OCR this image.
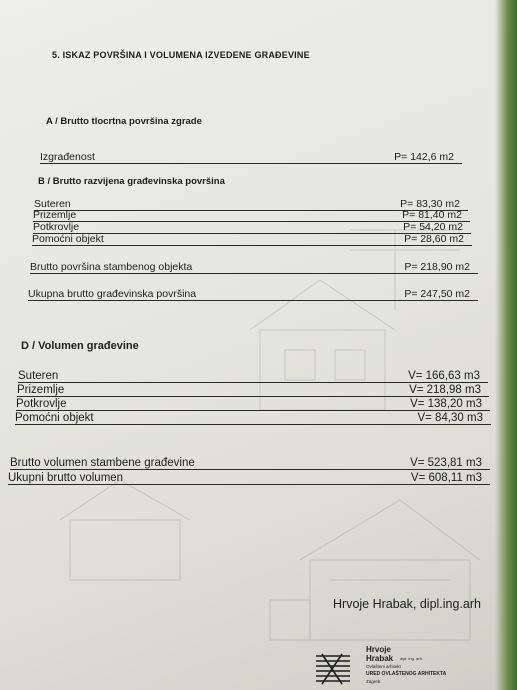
5. ISKAZ POVRŠINA I VOLUMENA IZVEDENE GRAĐEVINE
A / Brutto tlocrtna površina zgrade
Izgrađenost	P= 142,6 m2
B / Brutto razvijena građevinska površina
Suteren	P= 83,30 m2
Prizemlje	P= 81,40 m2
Potkrovlje	P= 54,20 m2
Pomoćni objekt	P= 28,60 m2
Brutto površina stambenog objekta	P= 218,90 m2
Ukupna brutto građevinska površina	P= 247,50 m2
D / Volumen građevine
Suteren	V= 166,63 m3
Prizemlje	V= 218,98 m3
Potkrovlje	V= 138,20 m3
Pomoćni objekt	V= 84,30 m3
Brutto volumen stambene građevine	V= 523,81 m3
Ukupni brutto volumen	V= 608,11 m3
Hrvoje Hrabak, dipl.ing.arh
Hrvoje
Hrabak dipl. ing. arh.
Ovlašteni arhitekt
URED OVLAŠTENOG ARHITEKTA
Zagreb
